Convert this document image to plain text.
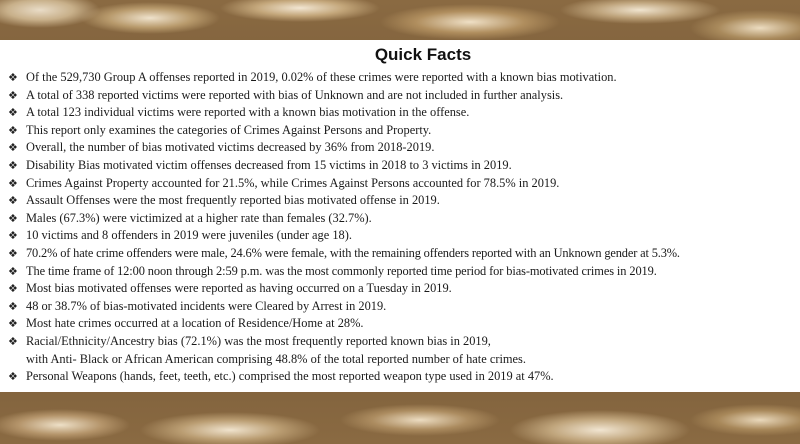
Quick Facts
❖ Of the 529,730 Group A offenses reported in 2019, 0.02% of these crimes were reported with a known bias motivation.
❖ A total of 338 reported victims were reported with bias of Unknown and are not included in further analysis.
❖ A total 123 individual victims were reported with a known bias motivation in the offense.
❖ This report only examines the categories of Crimes Against Persons and Property.
❖ Overall, the number of bias motivated victims decreased by 36% from 2018-2019.
❖ Disability Bias motivated victim offenses decreased from 15 victims in 2018 to 3 victims in 2019.
❖ Crimes Against Property accounted for 21.5%, while Crimes Against Persons accounted for 78.5% in 2019.
❖ Assault Offenses were the most frequently reported bias motivated offense in 2019.
❖ Males (67.3%) were victimized at a higher rate than females (32.7%).
❖ 10 victims and 8 offenders in 2019 were juveniles (under age 18).
❖ 70.2% of hate crime offenders were male, 24.6% were female, with the remaining offenders reported with an Unknown gender at 5.3%.
❖ The time frame of 12:00 noon through 2:59 p.m. was the most commonly reported time period for bias-motivated crimes in 2019.
❖ Most bias motivated offenses were reported as having occurred on a Tuesday in 2019.
❖ 48 or 38.7% of bias-motivated incidents were Cleared by Arrest in 2019.
❖ Most hate crimes occurred at a location of Residence/Home at 28%.
❖ Racial/Ethnicity/Ancestry bias (72.1%) was the most frequently reported known bias in 2019,
with Anti- Black or African American comprising 48.8% of the total reported number of hate crimes.
❖ Personal Weapons (hands, feet, teeth, etc.) comprised the most reported weapon type used in 2019 at 47%.
